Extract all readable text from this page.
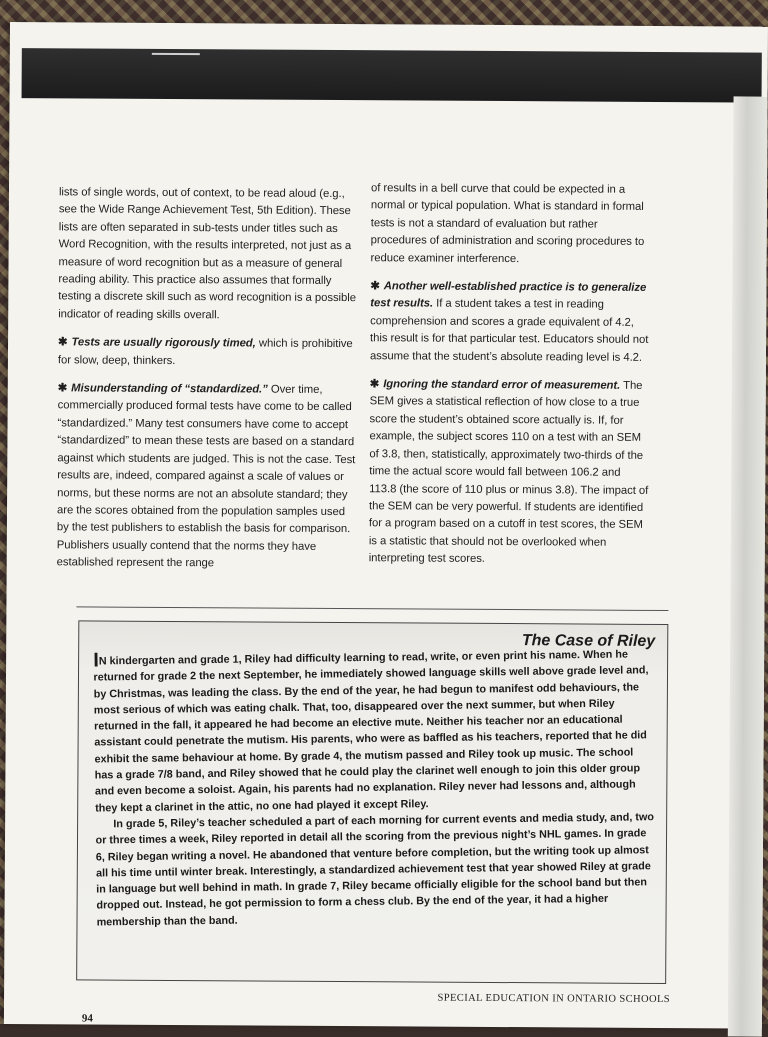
lists of single words, out of context, to be read aloud (e.g., see the Wide Range Achievement Test, 5th Edition). These lists are often separated in sub-tests under titles such as Word Recognition, with the results interpreted, not just as a measure of word recognition but as a measure of general reading ability. This practice also assumes that formally testing a discrete skill such as word recognition is a possible indicator of reading skills overall.

✱ Tests are usually rigorously timed, which is prohibitive for slow, deep, thinkers.

✱ Misunderstanding of “standardized.” Over time, commercially produced formal tests have come to be called “standardized.” Many test consumers have come to accept “standardized” to mean these tests are based on a standard against which students are judged. This is not the case. Test results are, indeed, compared against a scale of values or norms, but these norms are not an absolute standard; they are the scores obtained from the population samples used by the test publishers to establish the basis for comparison. Publishers usually contend that the norms they have established represent the range

of results in a bell curve that could be expected in a normal or typical population. What is standard in formal tests is not a standard of evaluation but rather procedures of administration and scoring procedures to reduce examiner interference.

✱ Another well-established practice is to generalize test results. If a student takes a test in reading comprehension and scores a grade equivalent of 4.2, this result is for that particular test. Educators should not assume that the student’s absolute reading level is 4.2.

✱ Ignoring the standard error of measurement. The SEM gives a statistical reflection of how close to a true score the student’s obtained score actually is. If, for example, the subject scores 110 on a test with an SEM of 3.8, then, statistically, approximately two-thirds of the time the actual score would fall between 106.2 and 113.8 (the score of 110 plus or minus 3.8). The impact of the SEM can be very powerful. If students are identified for a program based on a cutoff in test scores, the SEM is a statistic that should not be overlooked when interpreting test scores.

The Case of Riley

IN kindergarten and grade 1, Riley had difficulty learning to read, write, or even print his name. When he returned for grade 2 the next September, he immediately showed language skills well above grade level and, by Christmas, was leading the class. By the end of the year, he had begun to manifest odd behaviours, the most serious of which was eating chalk. That, too, disappeared over the next summer, but when Riley returned in the fall, it appeared he had become an elective mute. Neither his teacher nor an educational assistant could penetrate the mutism. His parents, who were as baffled as his teachers, reported that he did exhibit the same behaviour at home. By grade 4, the mutism passed and Riley took up music. The school has a grade 7/8 band, and Riley showed that he could play the clarinet well enough to join this older group and even become a soloist. Again, his parents had no explanation. Riley never had lessons and, although they kept a clarinet in the attic, no one had played it except Riley.

In grade 5, Riley’s teacher scheduled a part of each morning for current events and media study, and, two or three times a week, Riley reported in detail all the scoring from the previous night’s NHL games. In grade 6, Riley began writing a novel. He abandoned that venture before completion, but the writing took up almost all his time until winter break. Interestingly, a standardized achievement test that year showed Riley at grade in language but well behind in math. In grade 7, Riley became officially eligible for the school band but then dropped out. Instead, he got permission to form a chess club. By the end of the year, it had a higher membership than the band.

SPECIAL EDUCATION IN ONTARIO SCHOOLS
94
